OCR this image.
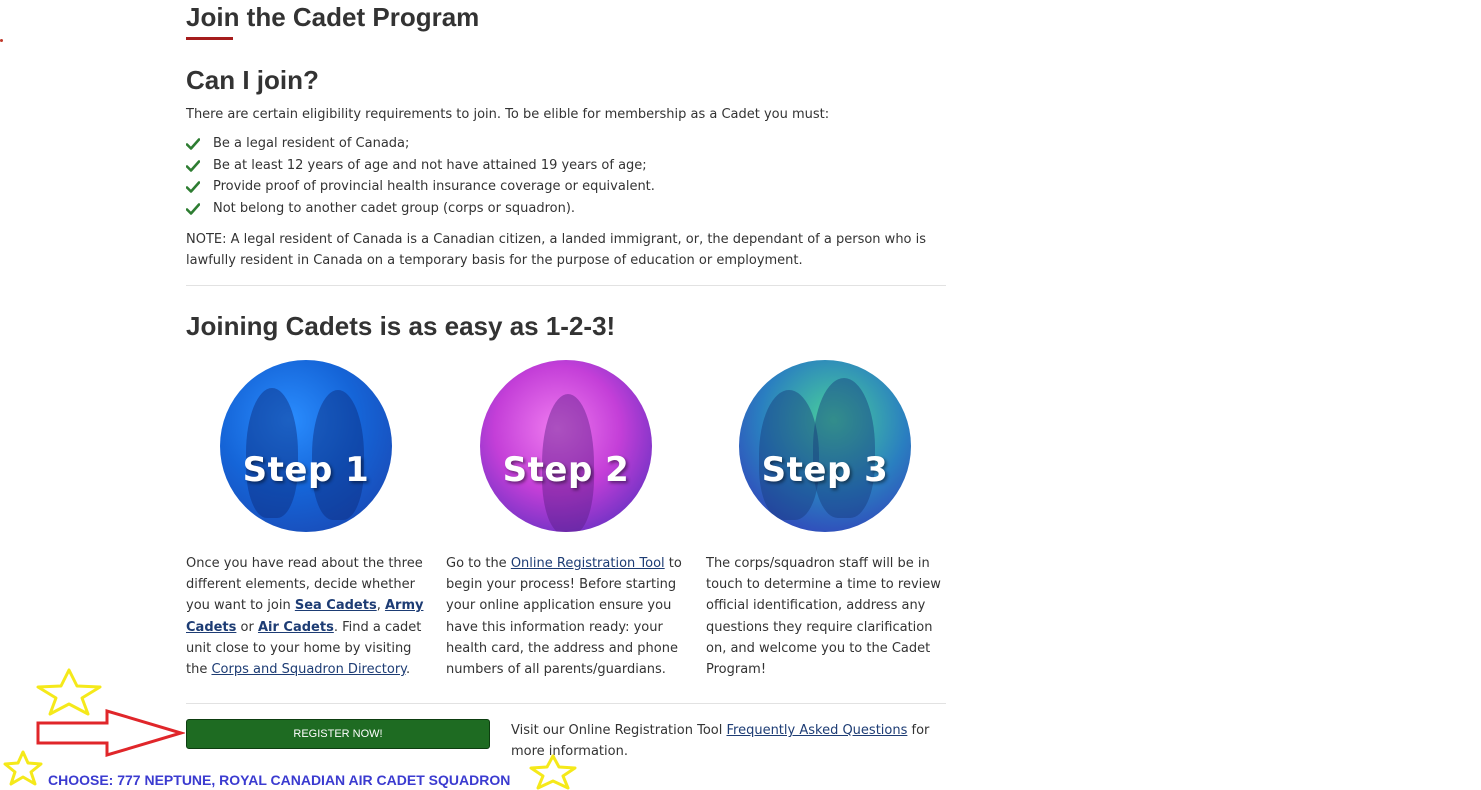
Join the Cadet Program
Can I join?
There are certain eligibility requirements to join. To be elible for membership as a Cadet you must:
Be a legal resident of Canada;
Be at least 12 years of age and not have attained 19 years of age;
Provide proof of provincial health insurance coverage or equivalent.
Not belong to another cadet group (corps or squadron).
NOTE: A legal resident of Canada is a Canadian citizen, a landed immigrant, or, the dependant of a person who is lawfully resident in Canada on a temporary basis for the purpose of education or employment.
Joining Cadets is as easy as 1-2-3!
Step 1	Step 2	Step 3
Once you have read about the three different elements, decide whether you want to join Sea Cadets, Army Cadets or Air Cadets. Find a cadet unit close to your home by visiting the Corps and Squadron Directory.
Go to the Online Registration Tool to begin your process! Before starting your online application ensure you have this information ready: your health card, the address and phone numbers of all parents/guardians.
The corps/squadron staff will be in touch to determine a time to review official identification, address any questions they require clarification on, and welcome you to the Cadet Program!
REGISTER NOW!	Visit our Online Registration Tool Frequently Asked Questions for more information.
CHOOSE: 777 NEPTUNE, ROYAL CANADIAN AIR CADET SQUADRON
